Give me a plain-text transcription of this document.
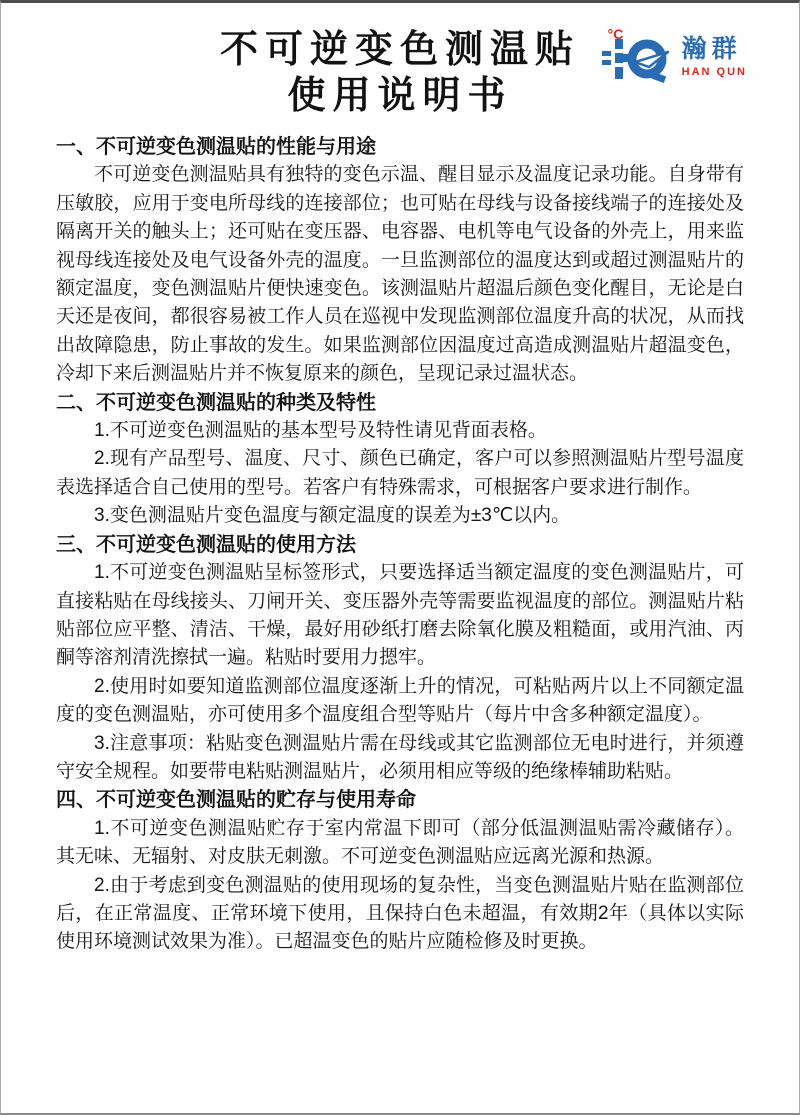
不可逆变色测温贴
使用说明书
°C
瀚群
HAN QUN
一、不可逆变色测温贴的性能与用途

不可逆变色测温贴具有独特的变色示温、醒目显示及温度记录功能。自身带有压敏胶，应用于变电所母线的连接部位；也可贴在母线与设备接线端子的连接处及隔离开关的触头上；还可贴在变压器、电容器、电机等电气设备的外壳上，用来监视母线连接处及电气设备外壳的温度。一旦监测部位的温度达到或超过测温贴片的额定温度，变色测温贴片便快速变色。该测温贴片超温后颜色变化醒目，无论是白天还是夜间，都很容易被工作人员在巡视中发现监测部位温度升高的状况，从而找出故障隐患，防止事故的发生。如果监测部位因温度过高造成测温贴片超温变色，冷却下来后测温贴片并不恢复原来的颜色，呈现记录过温状态。

二、不可逆变色测温贴的种类及特性

1.不可逆变色测温贴的基本型号及特性请见背面表格。

2.现有产品型号、温度、尺寸、颜色已确定，客户可以参照测温贴片型号温度表选择适合自己使用的型号。若客户有特殊需求，可根据客户要求进行制作。

3.变色测温贴片变色温度与额定温度的误差为±3℃以内。

三、不可逆变色测温贴的使用方法

1.不可逆变色测温贴呈标签形式，只要选择适当额定温度的变色测温贴片，可直接粘贴在母线接头、刀闸开关、变压器外壳等需要监视温度的部位。测温贴片粘贴部位应平整、清洁、干燥，最好用砂纸打磨去除氧化膜及粗糙面，或用汽油、丙酮等溶剂清洗擦拭一遍。粘贴时要用力摁牢。

2.使用时如要知道监测部位温度逐渐上升的情况，可粘贴两片以上不同额定温度的变色测温贴，亦可使用多个温度组合型等贴片（每片中含多种额定温度）。

3.注意事项：粘贴变色测温贴片需在母线或其它监测部位无电时进行，并须遵守安全规程。如要带电粘贴测温贴片，必须用相应等级的绝缘棒辅助粘贴。

四、不可逆变色测温贴的贮存与使用寿命

1.不可逆变色测温贴贮存于室内常温下即可（部分低温测温贴需冷藏储存）。其无味、无辐射、对皮肤无刺激。不可逆变色测温贴应远离光源和热源。

2.由于考虑到变色测温贴的使用现场的复杂性，当变色测温贴片贴在监测部位后，在正常温度、正常环境下使用，且保持白色未超温，有效期2年（具体以实际使用环境测试效果为准）。已超温变色的贴片应随检修及时更换。
